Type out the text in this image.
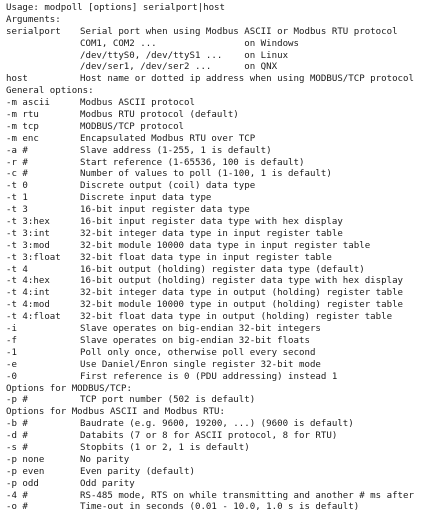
Usage: modpoll [options] serialport|host
Arguments:
serialport	Serial port when using Modbus ASCII or Modbus RTU protocol
COM1, COM2 ...                on Windows
/dev/ttyS0, /dev/ttyS1 ...    on Linux
/dev/ser1, /dev/ser2 ...      on QNX
host	Host name or dotted ip address when using MODBUS/TCP protocol
General options:
-m ascii	Modbus ASCII protocol
-m rtu	Modbus RTU protocol (default)
-m tcp	MODBUS/TCP protocol
-m enc	Encapsulated Modbus RTU over TCP
-a #	Slave address (1-255, 1 is default)
-r #	Start reference (1-65536, 100 is default)
-c #	Number of values to poll (1-100, 1 is default)
-t 0	Discrete output (coil) data type
-t 1	Discrete input data type
-t 3	16-bit input register data type
-t 3:hex	16-bit input register data type with hex display
-t 3:int	32-bit integer data type in input register table
-t 3:mod	32-bit module 10000 data type in input register table
-t 3:float	32-bit float data type in input register table
-t 4	16-bit output (holding) register data type (default)
-t 4:hex	16-bit output (holding) register data type with hex display
-t 4:int	32-bit integer data type in output (holding) register table
-t 4:mod	32-bit module 10000 type in output (holding) register table
-t 4:float	32-bit float data type in output (holding) register table
-i	Slave operates on big-endian 32-bit integers
-f	Slave operates on big-endian 32-bit floats
-1	Poll only once, otherwise poll every second
-e	Use Daniel/Enron single register 32-bit mode
-0	First reference is 0 (PDU addressing) instead 1
Options for MODBUS/TCP:
-p #	TCP port number (502 is default)
Options for Modbus ASCII and Modbus RTU:
-b #	Baudrate (e.g. 9600, 19200, ...) (9600 is default)
-d #	Databits (7 or 8 for ASCII protocol, 8 for RTU)
-s #	Stopbits (1 or 2, 1 is default)
-p none	No parity
-p even	Even parity (default)
-p odd	Odd parity
-4 #	RS-485 mode, RTS on while transmitting and another # ms after
-o #	Time-out in seconds (0.01 - 10.0, 1.0 s is default)
